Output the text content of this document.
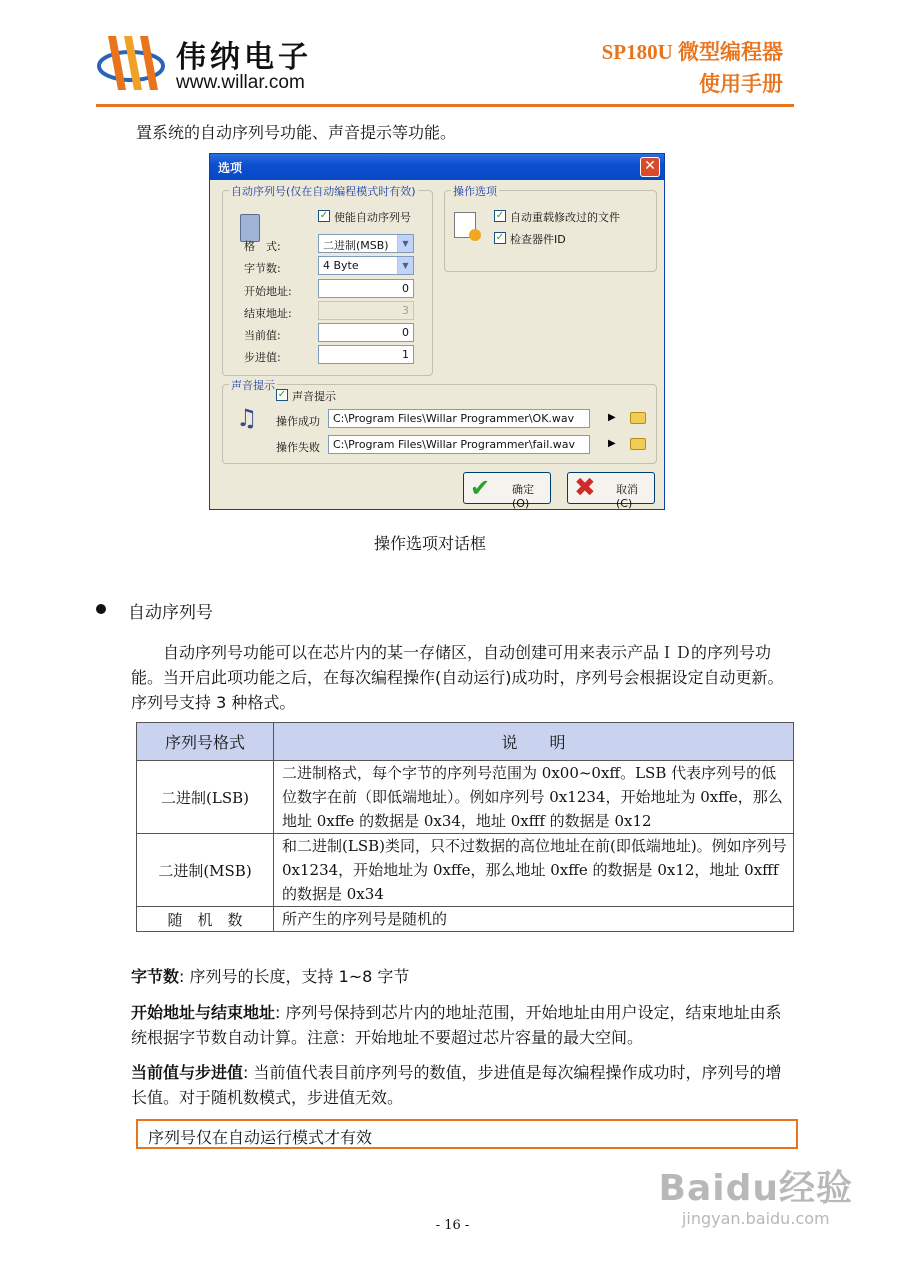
伟纳电子
www.willar.com
SP180U 微型编程器
使用手册
置系统的自动序列号功能、声音提示等功能。
选项	✕
自动序列号(仅在自动编程模式时有效)
✓ 使能自动序列号
格　式:	二进制(MSB)	▼
字节数:	4 Byte	▼
开始地址:	0
结束地址:	3
当前值:	0
步进值:	1
操作选项
✓ 自动重载修改过的文件
✓ 检查器件ID
声音提示
♫
✓ 声音提示
操作成功	C:\Program Files\Willar Programmer\OK.wav	▶
操作失败	C:\Program Files\Willar Programmer\fail.wav	▶
✔ 确定(O)
✖ 取消(C)
操作选项对话框
自动序列号
　　自动序列号功能可以在芯片内的某一存储区，自动创建可用来表示产品ＩＤ的序列号功能。当开启此项功能之后，在每次编程操作(自动运行)成功时，序列号会根据设定自动更新。序列号支持 3 种格式。
序列号格式	说　　明
二进制(LSB)	二进制格式，每个字节的序列号范围为 0x00~0xff。LSB 代表序列号的低位数字在前（即低端地址）。例如序列号 0x1234，开始地址为 0xffe，那么地址 0xffe 的数据是 0x34，地址 0xfff 的数据是 0x12
二进制(MSB)	和二进制(LSB)类同，只不过数据的高位地址在前(即低端地址)。例如序列号 0x1234，开始地址为 0xffe，那么地址 0xffe 的数据是 0x12，地址 0xfff 的数据是 0x34
随　机　数	所产生的序列号是随机的
字节数: 序列号的长度，支持 1~8 字节
开始地址与结束地址: 序列号保持到芯片内的地址范围，开始地址由用户设定，结束地址由系统根据字节数自动计算。注意：开始地址不要超过芯片容量的最大空间。
当前值与步进值: 当前值代表目前序列号的数值，步进值是每次编程操作成功时，序列号的增长值。对于随机数模式，步进值无效。
序列号仅在自动运行模式才有效
Baidu经验
jingyan.baidu.com
- 16 -
